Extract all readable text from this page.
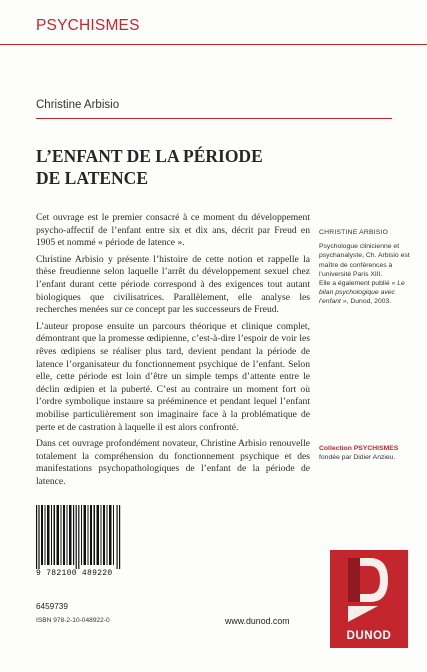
PSYCHISMES
Christine Arbisio
L’ENFANT DE LA PÉRIODE
DE LATENCE

Cet ouvrage est le premier consacré à ce moment du développement psycho-affectif de l’enfant entre six et dix ans, décrit par Freud en 1905 et nommé « période de latence ».

Christine Arbisio y présente l’histoire de cette notion et rappelle la thèse freudienne selon laquelle l’arrêt du développement sexuel chez l’enfant durant cette période correspond à des exigences tout autant biologiques que civilisatrices. Parallèlement, elle analyse les recherches menées sur ce concept par les successeurs de Freud.

L’auteur propose ensuite un parcours théorique et clinique complet, démontrant que la promesse œdipienne, c’est-à-dire l’espoir de voir les rêves œdipiens se réaliser plus tard, devient pendant la période de latence l’organisateur du fonctionnement psychique de l’enfant. Selon elle, cette période est loin d’être un simple temps d’attente entre le déclin œdipien et la puberté. C’est au contraire un moment fort où l’ordre symbolique instaure sa prééminence et pendant lequel l’enfant mobilise particulièrement son imaginaire face à la problématique de perte et de castration à laquelle il est alors confronté.

Dans cet ouvrage profondément novateur, Christine Arbisio renouvelle totalement la compréhension du fonctionnement psychique et des manifestations psychopathologiques de l’enfant de la période de latence.

CHRISTINE ARBISIO

Psychologue clinicienne et psychanalyste, Ch. Arbisio est maître de conférences à l’université Paris XIII.

Elle a également publié « Le bilan psychologique avec l’enfant », Dunod, 2003.

Collection PSYCHISMES
fondée par Didier Anzieu.
9 782100 489220
6459739
ISBN 978-2-10-048922-0	www.dunod.com
DUNOD
